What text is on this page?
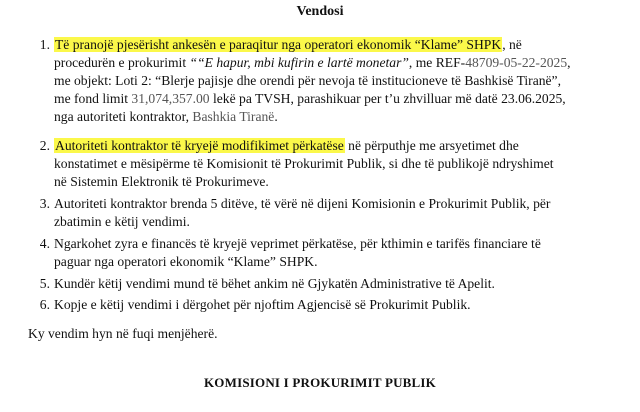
Vendosi
1. Të pranojë pjesërisht ankesën e paraqitur nga operatori ekonomik “Klame” SHPK, në
procedurën e prokurimit ““E hapur, mbi kufirin e lartë monetar”, me REF-48709-05-22-2025,
me objekt: Loti 2: “Blerje pajisje dhe orendi për nevoja të institucioneve të Bashkisë Tiranë”,
me fond limit 31,074,357.00 lekë pa TVSH, parashikuar per t’u zhvilluar më datë 23.06.2025,
nga autoriteti kontraktor, Bashkia Tiranë.
2. Autoriteti kontraktor të kryejë modifikimet përkatëse në përputhje me arsyetimet dhe
konstatimet e mësipërme të Komisionit të Prokurimit Publik, si dhe të publikojë ndryshimet
në Sistemin Elektronik të Prokurimeve.
3. Autoriteti kontraktor brenda 5 ditëve, të vërë në dijeni Komisionin e Prokurimit Publik, për
zbatimin e këtij vendimi.
4. Ngarkohet zyra e financës të kryejë veprimet përkatëse, për kthimin e tarifës financiare të
paguar nga operatori ekonomik “Klame” SHPK.
5. Kundër këtij vendimi mund të bëhet ankim në Gjykatën Administrative të Apelit.
6. Kopje e këtij vendimi i dërgohet për njoftim Agjencisë së Prokurimit Publik.
Ky vendim hyn në fuqi menjëherë.
KOMISIONI I PROKURIMIT PUBLIK
